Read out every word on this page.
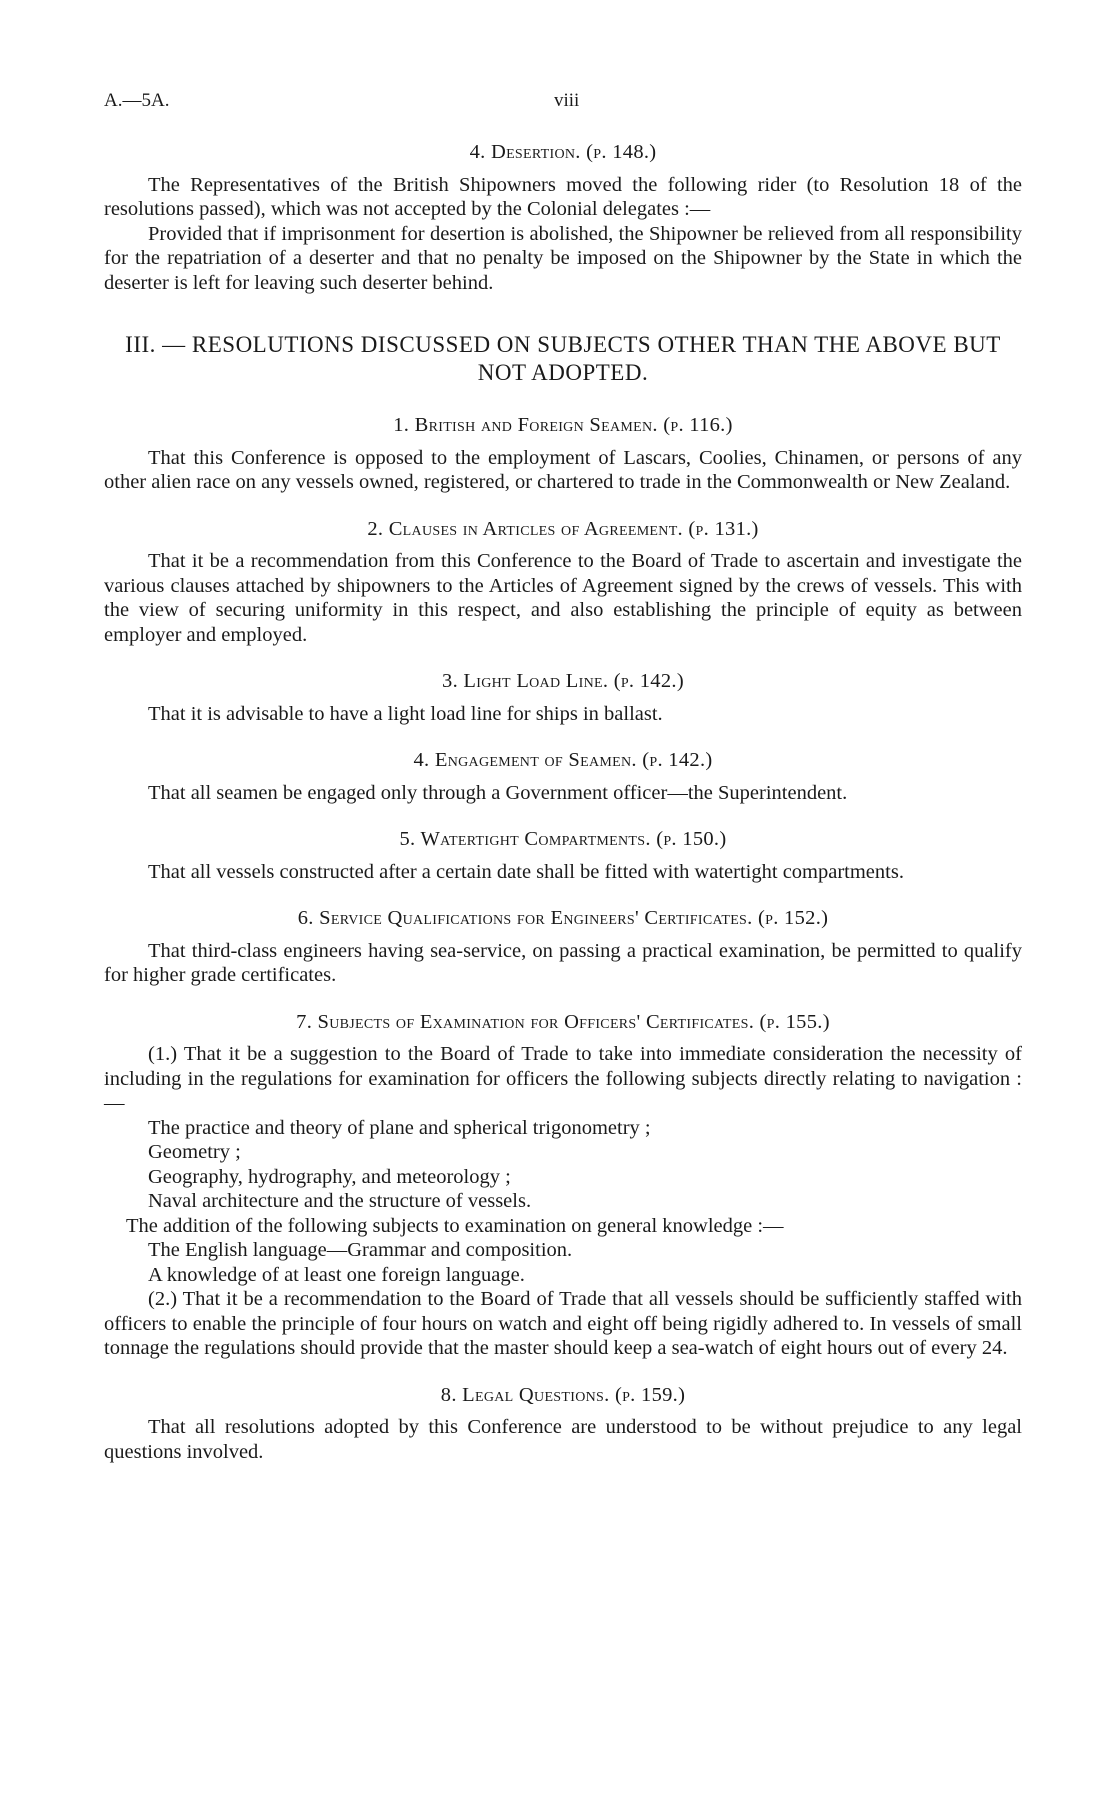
A.—5A.	viii
4. Desertion. (p. 148.)

The Representatives of the British Shipowners moved the following rider (to Resolution 18 of the resolutions passed), which was not accepted by the Colonial delegates :—

Provided that if imprisonment for desertion is abolished, the Shipowner be relieved from all responsibility for the repatriation of a deserter and that no penalty be imposed on the Shipowner by the State in which the deserter is left for leaving such deserter behind.

III. — RESOLUTIONS DISCUSSED ON SUBJECTS OTHER THAN THE ABOVE BUT NOT ADOPTED.
1. British and Foreign Seamen. (p. 116.)

That this Conference is opposed to the employment of Lascars, Coolies, Chinamen, or persons of any other alien race on any vessels owned, registered, or chartered to trade in the Commonwealth or New Zealand.

2. Clauses in Articles of Agreement. (p. 131.)

That it be a recommendation from this Conference to the Board of Trade to ascertain and investigate the various clauses attached by shipowners to the Articles of Agreement signed by the crews of vessels. This with the view of securing uniformity in this respect, and also establishing the principle of equity as between employer and employed.

3. Light Load Line. (p. 142.)

That it is advisable to have a light load line for ships in ballast.

4. Engagement of Seamen. (p. 142.)

That all seamen be engaged only through a Government officer—the Superintendent.

5. Watertight Compartments. (p. 150.)

That all vessels constructed after a certain date shall be fitted with watertight compartments.

6. Service Qualifications for Engineers' Certificates. (p. 152.)

That third-class engineers having sea-service, on passing a practical examination, be permitted to qualify for higher grade certificates.

7. Subjects of Examination for Officers' Certificates. (p. 155.)

(1.) That it be a suggestion to the Board of Trade to take into immediate consideration the necessity of including in the regulations for examination for officers the following subjects directly relating to navigation :—

The practice and theory of plane and spherical trigonometry ;

Geometry ;

Geography, hydrography, and meteorology ;

Naval architecture and the structure of vessels.

The addition of the following subjects to examination on general knowledge :—

The English language—Grammar and composition.

A knowledge of at least one foreign language.

(2.) That it be a recommendation to the Board of Trade that all vessels should be sufficiently staffed with officers to enable the principle of four hours on watch and eight off being rigidly adhered to. In vessels of small tonnage the regulations should provide that the master should keep a sea-watch of eight hours out of every 24.

8. Legal Questions. (p. 159.)

That all resolutions adopted by this Conference are understood to be without prejudice to any legal questions involved.
